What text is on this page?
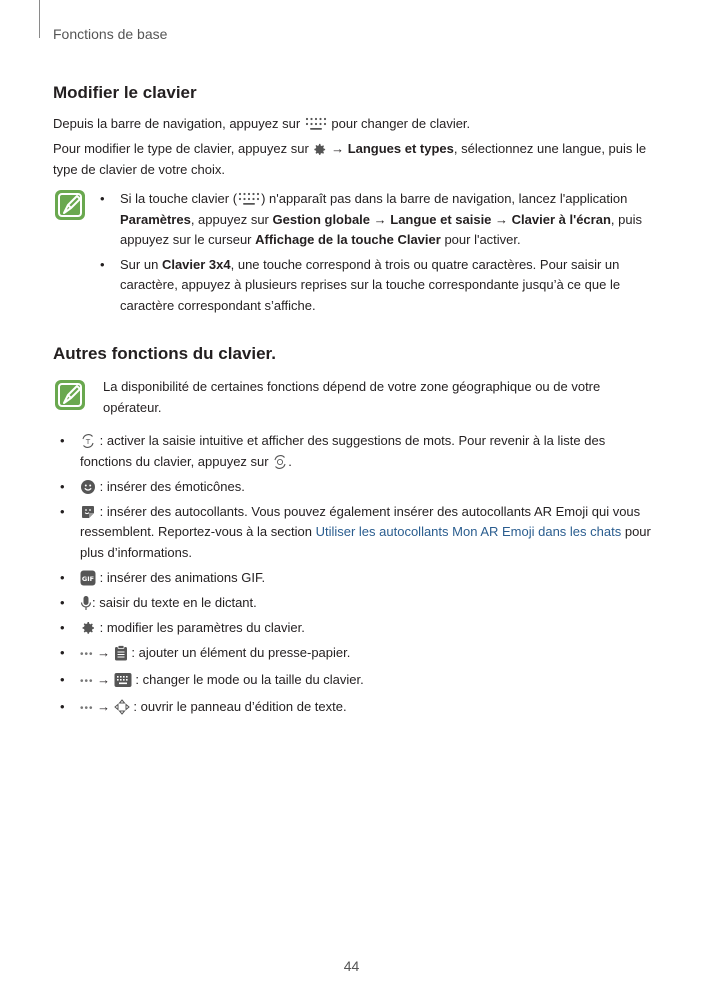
Fonctions de base
Modifier le clavier

Depuis la barre de navigation, appuyez sur pour changer de clavier.

Pour modifier le type de clavier, appuyez sur → Langues et types, sélectionnez une langue, puis le type de clavier de votre choix.

• Si la touche clavier ( ) n'apparaît pas dans la barre de navigation, lancez l'application Paramètres, appuyez sur Gestion globale → Langue et saisie → Clavier à l'écran, puis appuyez sur le curseur Affichage de la touche Clavier pour l'activer.
• Sur un Clavier 3x4, une touche correspond à trois ou quatre caractères. Pour saisir un caractère, appuyez à plusieurs reprises sur la touche correspondante jusqu’à ce que le caractère correspondant s’affiche.
Autres fonctions du clavier.
La disponibilité de certaines fonctions dépend de votre zone géographique ou de votre opérateur.
•	T : activer la saisie intuitive et afficher des suggestions de mots. Pour revenir à la liste des fonctions du clavier, appuyez sur .
•	: insérer des émoticônes.
•	: insérer des autocollants. Vous pouvez également insérer des autocollants AR Emoji qui vous ressemblent. Reportez-vous à la section Utiliser les autocollants Mon AR Emoji dans les chats pour plus d’informations.
•	GIF : insérer des animations GIF.
• : saisir du texte en le dictant.
•	: modifier les paramètres du clavier.
• ••• → : ajouter un élément du presse-papier.
• ••• → : changer le mode ou la taille du clavier.
• ••• → : ouvrir le panneau d’édition de texte.
44
